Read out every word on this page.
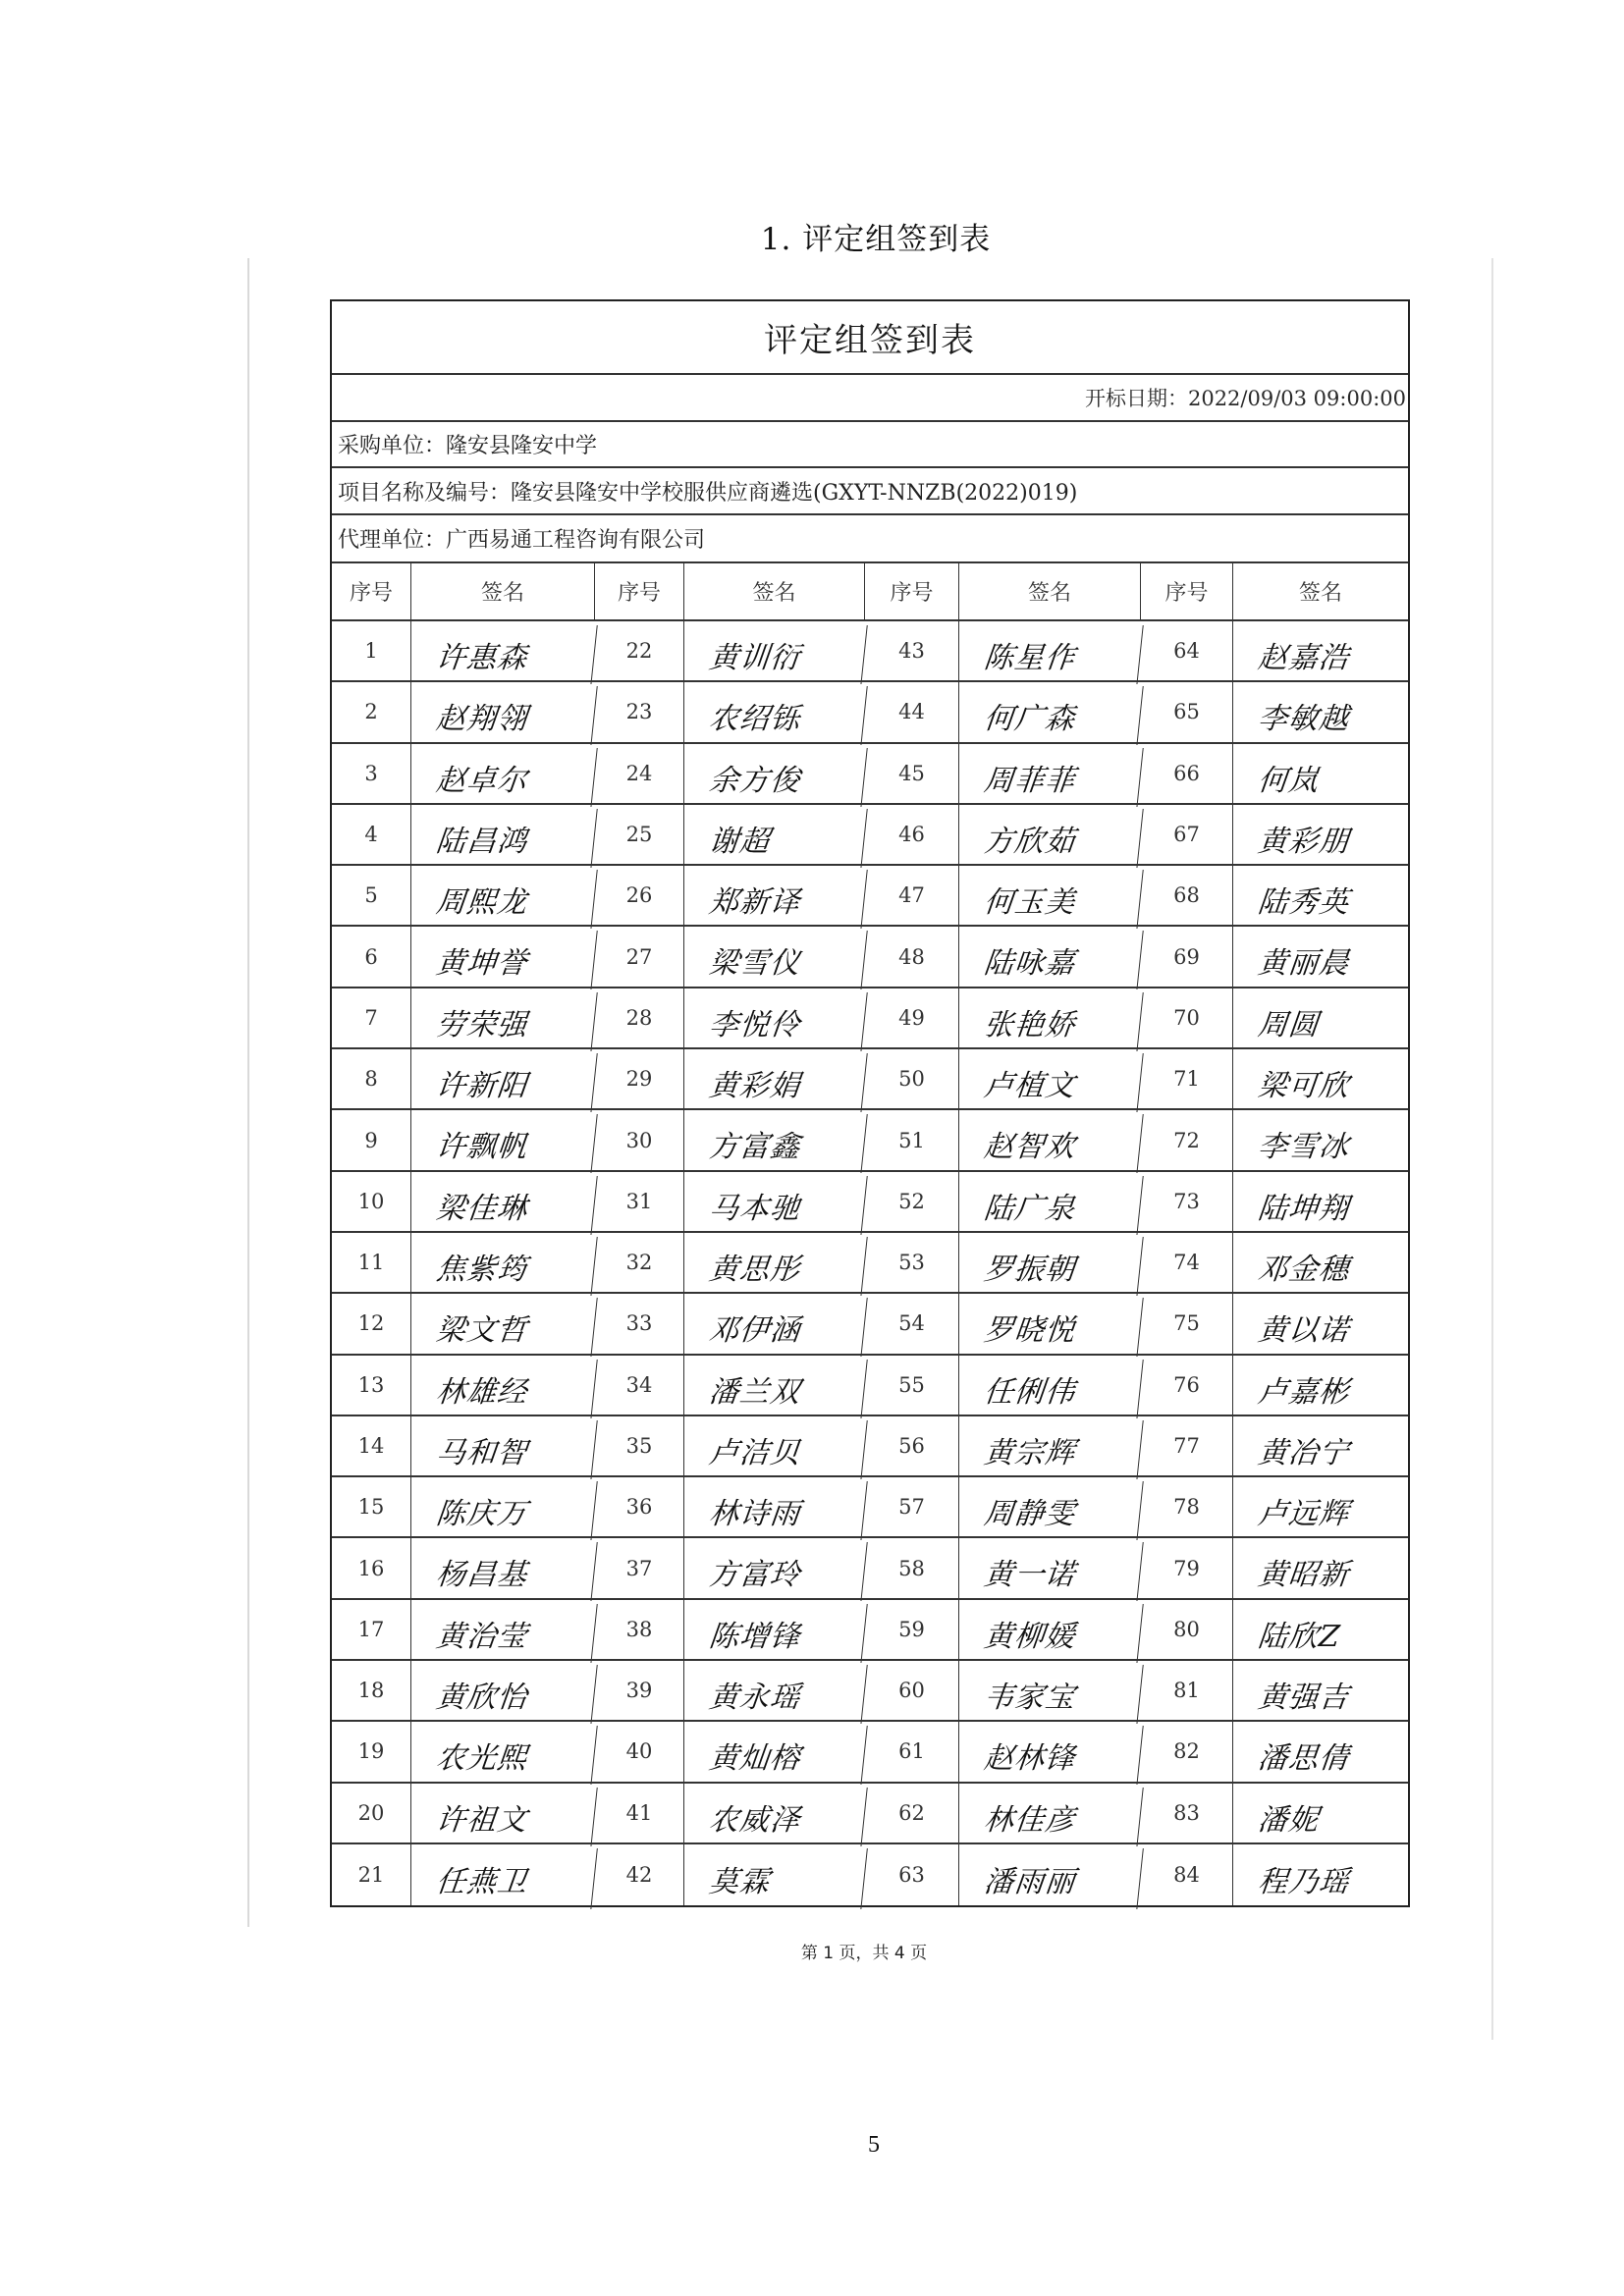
1. 评定组签到表
评定组签到表
开标日期：2022/09/03 09:00:00
采购单位：隆安县隆安中学
项目名称及编号：隆安县隆安中学校服供应商遴选(GXYT-NNZB(2022)019)
代理单位：广西易通工程咨询有限公司
序号	签名	序号	签名	序号	签名	序号	签名
1	许惠森	22	黄训衍	43	陈星作	64	赵嘉浩
2	赵翔翎	23	农绍铄	44	何广森	65	李敏越
3	赵卓尔	24	余方俊	45	周菲菲	66	何岚
4	陆昌鸿	25	谢超	46	方欣茹	67	黄彩朋
5	周熙龙	26	郑新译	47	何玉美	68	陆秀英
6	黄坤誉	27	梁雪仪	48	陆咏嘉	69	黄丽晨
7	劳荣强	28	李悦伶	49	张艳娇	70	周圆
8	许新阳	29	黄彩娟	50	卢植文	71	梁可欣
9	许飘帆	30	方富鑫	51	赵智欢	72	李雪冰
10	梁佳琳	31	马本驰	52	陆广泉	73	陆坤翔
11	焦紫筠	32	黄思彤	53	罗振朝	74	邓金穗
12	梁文哲	33	邓伊涵	54	罗晓悦	75	黄以诺
13	林雄经	34	潘兰双	55	任俐伟	76	卢嘉彬
14	马和智	35	卢洁贝	56	黄宗辉	77	黄冶宁
15	陈庆万	36	林诗雨	57	周静雯	78	卢远辉
16	杨昌基	37	方富玲	58	黄一诺	79	黄昭新
17	黄治莹	38	陈增锋	59	黄柳媛	80	陆欣Z
18	黄欣怡	39	黄永瑶	60	韦家宝	81	黄强吉
19	农光熙	40	黄灿榕	61	赵林锋	82	潘思倩
20	许祖文	41	农威泽	62	林佳彦	83	潘妮
21	任燕卫	42	莫霖	63	潘雨丽	84	程乃瑶
第 1 页，共 4 页
5
